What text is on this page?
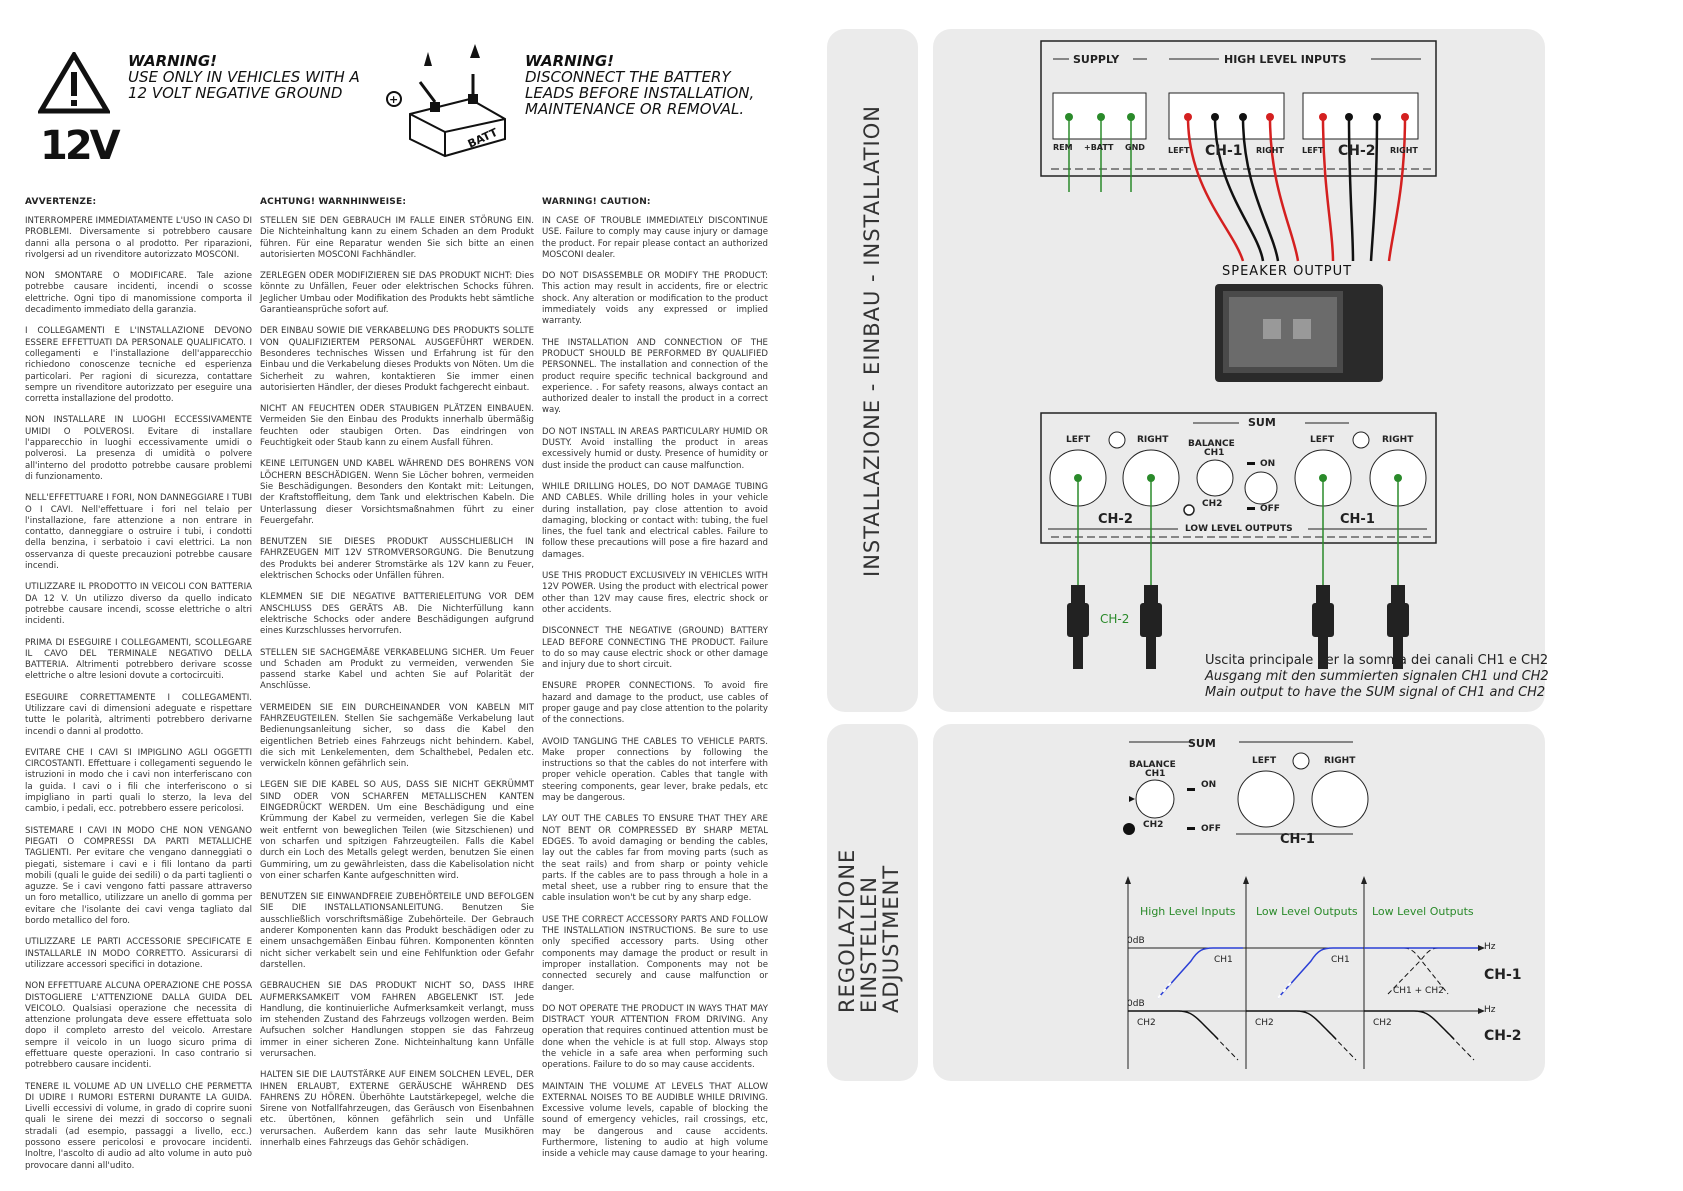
12V
WARNING!
USE ONLY IN VEHICLES WITH A
12 VOLT NEGATIVE GROUND
BATT
+
WARNING!
DISCONNECT THE BATTERY
LEADS BEFORE INSTALLATION,
MAINTENANCE OR REMOVAL.
AVVERTENZE:	ACHTUNG! WARNHINWEISE:	WARNING! CAUTION:

INTERROMPERE IMMEDIATAMENTE L'USO IN CASO DI PROBLEMI. Diversamente si potrebbero causare danni alla persona o al prodotto. Per riparazioni, rivolgersi ad un rivenditore autorizzato MOSCONI.

NON SMONTARE O MODIFICARE. Tale azione potrebbe causare incidenti, incendi o scosse elettriche. Ogni tipo di manomissione comporta il decadimento immediato della garanzia.

I COLLEGAMENTI E L'INSTALLAZIONE DEVONO ESSERE EFFETTUATI DA PERSONALE QUALIFICATO. I collegamenti e l'installazione dell'apparecchio richiedono conoscenze tecniche ed esperienza particolari. Per ragioni di sicurezza, contattare sempre un rivenditore autorizzato per eseguire una corretta installazione del prodotto.

NON INSTALLARE IN LUOGHI ECCESSIVAMENTE UMIDI O POLVEROSI. Evitare di installare l'apparecchio in luoghi eccessivamente umidi o polverosi. La presenza di umidità o polvere all'interno del prodotto potrebbe causare problemi di funzionamento.

NELL'EFFETTUARE I FORI, NON DANNEGGIARE I TUBI O I CAVI. Nell'effettuare i fori nel telaio per l'installazione, fare attenzione a non entrare in contatto, danneggiare o ostruire i tubi, i condotti della benzina, i serbatoio i cavi elettrici. La non osservanza di queste precauzioni potrebbe causare incendi.

UTILIZZARE IL PRODOTTO IN VEICOLI CON BATTERIA DA 12 V. Un utilizzo diverso da quello indicato potrebbe causare incendi, scosse elettriche o altri incidenti.

PRIMA DI ESEGUIRE I COLLEGAMENTI, SCOLLEGARE IL CAVO DEL TERMINALE NEGATIVO DELLA BATTERIA. Altrimenti potrebbero derivare scosse elettriche o altre lesioni dovute a cortocircuiti.

ESEGUIRE CORRETTAMENTE I COLLEGAMENTI. Utilizzare cavi di dimensioni adeguate e rispettare tutte le polarità, altrimenti potrebbero derivarne incendi o danni al prodotto.

EVITARE CHE I CAVI SI IMPIGLINO AGLI OGGETTI CIRCOSTANTI. Effettuare i collegamenti seguendo le istruzioni in modo che i cavi non interferiscano con la guida. I cavi o i fili che interferiscono o si impigliano in parti quali lo sterzo, la leva del cambio, i pedali, ecc. potrebbero essere pericolosi.

SISTEMARE I CAVI IN MODO CHE NON VENGANO PIEGATI O COMPRESSI DA PARTI METALLICHE TAGLIENTI. Per evitare che vengano danneggiati o piegati, sistemare i cavi e i fili lontano da parti mobili (quali le guide dei sedili) o da parti taglienti o aguzze. Se i cavi vengono fatti passare attraverso un foro metallico, utilizzare un anello di gomma per evitare che l'isolante dei cavi venga tagliato dal bordo metallico del foro.

UTILIZZARE LE PARTI ACCESSORIE SPECIFICATE E INSTALLARLE IN MODO CORRETTO. Assicurarsi di utilizzare accessori specifici in dotazione.

NON EFFETTUARE ALCUNA OPERAZIONE CHE POSSA DISTOGLIERE L'ATTENZIONE DALLA GUIDA DEL VEICOLO. Qualsiasi operazione che necessita di attenzione prolungata deve essere effettuata solo dopo il completo arresto del veicolo. Arrestare sempre il veicolo in un luogo sicuro prima di effettuare queste operazioni. In caso contrario si potrebbero causare incidenti.

TENERE IL VOLUME AD UN LIVELLO CHE PERMETTA DI UDIRE I RUMORI ESTERNI DURANTE LA GUIDA. Livelli eccessivi di volume, in grado di coprire suoni quali le sirene dei mezzi di soccorso o segnali stradali (ad esempio, passaggi a livello, ecc.) possono essere pericolosi e provocare incidenti. Inoltre, l'ascolto di audio ad alto volume in auto può provocare danni all'udito.

STELLEN SIE DEN GEBRAUCH IM FALLE EINER STÖRUNG EIN. Die Nichteinhaltung kann zu einem Schaden an dem Produkt führen. Für eine Reparatur wenden Sie sich bitte an einen autorisierten MOSCONI Fachhändler.

ZERLEGEN ODER MODIFIZIEREN SIE DAS PRODUKT NICHT: Dies könnte zu Unfällen, Feuer oder elektrischen Schocks führen. Jeglicher Umbau oder Modifikation des Produkts hebt sämtliche Garantieansprüche sofort auf.

DER EINBAU SOWIE DIE VERKABELUNG DES PRODUKTS SOLLTE VON QUALIFIZIERTEM PERSONAL AUSGEFÜHRT WERDEN. Besonderes technisches Wissen und Erfahrung ist für den Einbau und die Verkabelung dieses Produkts von Nöten. Um die Sicherheit zu wahren, kontaktieren Sie immer einen autorisierten Händler, der dieses Produkt fachgerecht einbaut.

NICHT AN FEUCHTEN ODER STAUBIGEN PLÄTZEN EINBAUEN. Vermeiden Sie den Einbau des Produkts innerhalb übermäßig feuchten oder staubigen Orten. Das eindringen von Feuchtigkeit oder Staub kann zu einem Ausfall führen.

KEINE LEITUNGEN UND KABEL WÄHREND DES BOHRENS VON LÖCHERN BESCHÄDIGEN. Wenn Sie Löcher bohren, vermeiden Sie Beschädigungen. Besonders den Kontakt mit: Leitungen, der Kraftstoffleitung, dem Tank und elektrischen Kabeln. Die Unterlassung dieser Vorsichtsmaßnahmen führt zu einer Feuergefahr.

BENUTZEN SIE DIESES PRODUKT AUSSCHLIEßLICH IN FAHRZEUGEN MIT 12V STROMVERSORGUNG. Die Benutzung des Produkts bei anderer Stromstärke als 12V kann zu Feuer, elektrischen Schocks oder Unfällen führen.

KLEMMEN SIE DIE NEGATIVE BATTERIELEITUNG VOR DEM ANSCHLUSS DES GERÄTS AB. Die Nichterfüllung kann elektrische Schocks oder andere Beschädigungen aufgrund eines Kurzschlusses hervorrufen.

STELLEN SIE SACHGEMÄßE VERKABELUNG SICHER. Um Feuer und Schaden am Produkt zu vermeiden, verwenden Sie passend starke Kabel und achten Sie auf Polarität der Anschlüsse.

VERMEIDEN SIE EIN DURCHEINANDER VON KABELN MIT FAHRZEUGTEILEN. Stellen Sie sachgemäße Verkabelung laut Bedienungsanleitung sicher, so dass die Kabel den eigentlichen Betrieb eines Fahrzeugs nicht behindern. Kabel, die sich mit Lenkelementen, dem Schalthebel, Pedalen etc. verwickeln können gefährlich sein.

LEGEN SIE DIE KABEL SO AUS, DASS SIE NICHT GEKRÜMMT SIND ODER VON SCHARFEN METALLISCHEN KANTEN EINGEDRÜCKT WERDEN. Um eine Beschädigung und eine Krümmung der Kabel zu vermeiden, verlegen Sie die Kabel weit entfernt von beweglichen Teilen (wie Sitzschienen) und von scharfen und spitzigen Fahrzeugteilen. Falls die Kabel durch ein Loch des Metalls gelegt werden, benutzen Sie einen Gummiring, um zu gewährleisten, dass die Kabelisolation nicht von einer scharfen Kante aufgeschnitten wird.

BENUTZEN SIE EINWANDFREIE ZUBEHÖRTEILE UND BEFOLGEN SIE DIE INSTALLATIONSANLEITUNG. Benutzen Sie ausschließlich vorschriftsmäßige Zubehörteile. Der Gebrauch anderer Komponenten kann das Produkt beschädigen oder zu einem unsachgemäßen Einbau führen. Komponenten könnten nicht sicher verkabelt sein und eine Fehlfunktion oder Gefahr darstellen.

GEBRAUCHEN SIE DAS PRODUKT NICHT SO, DASS IHRE AUFMERKSAMKEIT VOM FAHREN ABGELENKT IST. Jede Handlung, die kontinuierliche Aufmerksamkeit verlangt, muss im stehenden Zustand des Fahrzeugs vollzogen werden. Beim Aufsuchen solcher Handlungen stoppen sie das Fahrzeug immer in einer sicheren Zone. Nichteinhaltung kann Unfälle verursachen.

HALTEN SIE DIE LAUTSTÄRKE AUF EINEM SOLCHEN LEVEL, DER IHNEN ERLAUBT, EXTERNE GERÄUSCHE WÄHREND DES FAHRENS ZU HÖREN. Überhöhte Lautstärkepegel, welche die Sirene von Notfallfahrzeugen, das Geräusch von Eisenbahnen etc. übertönen, können gefährlich sein und Unfälle verursachen. Außerdem kann das sehr laute Musikhören innerhalb eines Fahrzeugs das Gehör schädigen.

IN CASE OF TROUBLE IMMEDIATELY DISCONTINUE USE. Failure to comply may cause injury or damage the product. For repair please contact an authorized MOSCONI dealer.

DO NOT DISASSEMBLE OR MODIFY THE PRODUCT: This action may result in accidents, fire or electric shock. Any alteration or modification to the product immediately voids any expressed or implied warranty.

THE INSTALLATION AND CONNECTION OF THE PRODUCT SHOULD BE PERFORMED BY QUALIFIED PERSONNEL. The installation and connection of the product require specific technical background and experience. . For safety reasons, always contact an authorized dealer to install the product in a correct way.

DO NOT INSTALL IN AREAS PARTICULARY HUMID OR DUSTY. Avoid installing the product in areas excessively humid or dusty. Presence of humidity or dust inside the product can cause malfunction.

WHILE DRILLING HOLES, DO NOT DAMAGE TUBING AND CABLES. While drilling holes in your vehicle during installation, pay close attention to avoid damaging, blocking or contact with: tubing, the fuel lines, the fuel tank and electrical cables. Failure to follow these precautions will pose a fire hazard and damages.

USE THIS PRODUCT EXCLUSIVELY IN VEHICLES WITH 12V POWER. Using the product with electrical power other than 12V may cause fires, electric shock or other accidents.

DISCONNECT THE NEGATIVE (GROUND) BATTERY LEAD BEFORE CONNECTING THE PRODUCT. Failure to do so may cause electric shock or other damage and injury due to short circuit.

ENSURE PROPER CONNECTIONS. To avoid fire hazard and damage to the product, use cables of proper gauge and pay close attention to the polarity of the connections.

AVOID TANGLING THE CABLES TO VEHICLE PARTS. Make proper connections by following the instructions so that the cables do not interfere with proper vehicle operation. Cables that tangle with steering components, gear lever, brake pedals, etc may be dangerous.

LAY OUT THE CABLES TO ENSURE THAT THEY ARE NOT BENT OR COMPRESSED BY SHARP METAL EDGES. To avoid damaging or bending the cables, lay out the cables far from moving parts (such as the seat rails) and from sharp or pointy vehicle parts. If the cables are to pass through a hole in a metal sheet, use a rubber ring to ensure that the cable insulation won't be cut by any sharp edge.

USE THE CORRECT ACCESSORY PARTS AND FOLLOW THE INSTALLATION INSTRUCTIONS. Be sure to use only specified accessory parts. Using other components may damage the product or result in improper installation. Components may not be connected securely and cause malfunction or danger.

DO NOT OPERATE THE PRODUCT IN WAYS THAT MAY DISTRACT YOUR ATTENTION FROM DRIVING. Any operation that requires continued attention must be done when the vehicle is at full stop. Always stop the vehicle in a safe area when performing such operations. Failure to do so may cause accidents.

MAINTAIN THE VOLUME AT LEVELS THAT ALLOW EXTERNAL NOISES TO BE AUDIBLE WHILE DRIVING. Excessive volume levels, capable of blocking the sound of emergency vehicles, rail crossings, etc, may be dangerous and cause accidents. Furthermore, listening to audio at high volume inside a vehicle may cause damage to your hearing.

INSTALLAZIONE - EINBAU - INSTALLATION
SUPPLY	HIGH LEVEL INPUTS
REM +BATT GND	LEFT CH-1 RIGHT LEFT CH-2 RIGHT
SPEAKER OUTPUT
SUM
LEFT	RIGHT BALANCE
CH1
CH2
ON
OFF
LEFT	RIGHT
CH-2	CH-1
LOW LEVEL OUTPUTS
CH-2
Uscita principale per la somma dei canali CH1 e CH2
Ausgang mit den summierten signalen CH1 und CH2
Main output to have the SUM signal of CH1 and CH2
REGOLAZIONE
EINSTELLEN
ADJUSTMENT
SUM
BALANCE
CH1
CH2
ON
OFF
LEFT	RIGHT
CH-1
High Level Inputs Low Level Outputs Low Level Outputs
0dB
0dB
Hz
Hz
CH1	CH1
CH1 + CH2
CH2	CH2	CH2
CH-1
CH-2
